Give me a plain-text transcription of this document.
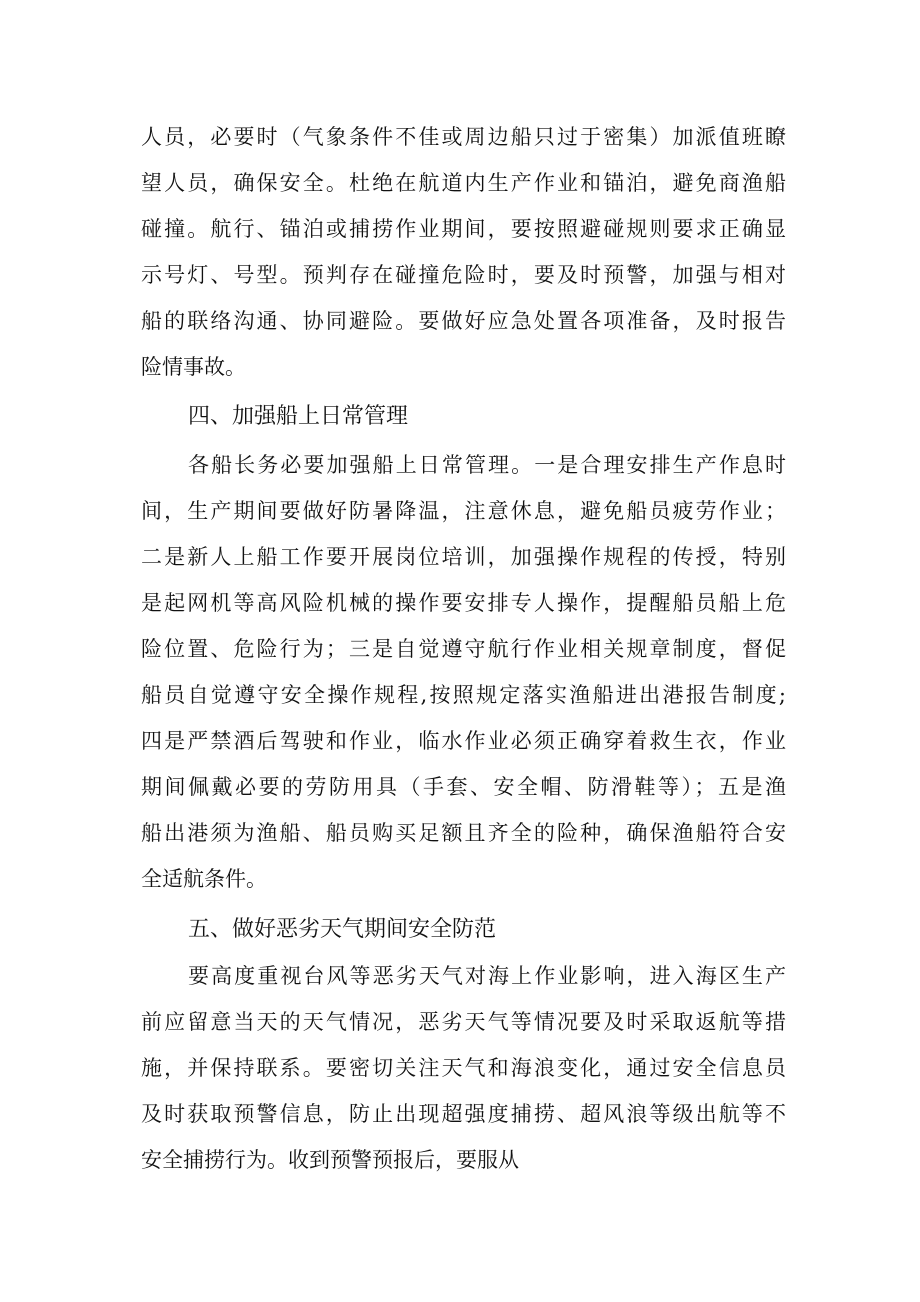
人员，必要时（气象条件不佳或周边船只过于密集）加派值班瞭
望人员，确保安全。杜绝在航道内生产作业和锚泊，避免商渔船
碰撞。航行、锚泊或捕捞作业期间，要按照避碰规则要求正确显
示号灯、号型。预判存在碰撞危险时，要及时预警，加强与相对
船的联络沟通、协同避险。要做好应急处置各项准备，及时报告
险情事故。
四、加强船上日常管理
各船长务必要加强船上日常管理。一是合理安排生产作息时
间，生产期间要做好防暑降温，注意休息，避免船员疲劳作业；
二是新人上船工作要开展岗位培训，加强操作规程的传授，特别
是起网机等高风险机械的操作要安排专人操作，提醒船员船上危
险位置、危险行为；三是自觉遵守航行作业相关规章制度，督促
船员自觉遵守安全操作规程,按照规定落实渔船进出港报告制度;
四是严禁酒后驾驶和作业，临水作业必须正确穿着救生衣，作业
期间佩戴必要的劳防用具（手套、安全帽、防滑鞋等）；五是渔
船出港须为渔船、船员购买足额且齐全的险种，确保渔船符合安
全适航条件。
五、做好恶劣天气期间安全防范
要高度重视台风等恶劣天气对海上作业影响，进入海区生产
前应留意当天的天气情况，恶劣天气等情况要及时采取返航等措
施，并保持联系。要密切关注天气和海浪变化，通过安全信息员
及时获取预警信息，防止出现超强度捕捞、超风浪等级出航等不
安全捕捞行为。收到预警预报后，要服从
